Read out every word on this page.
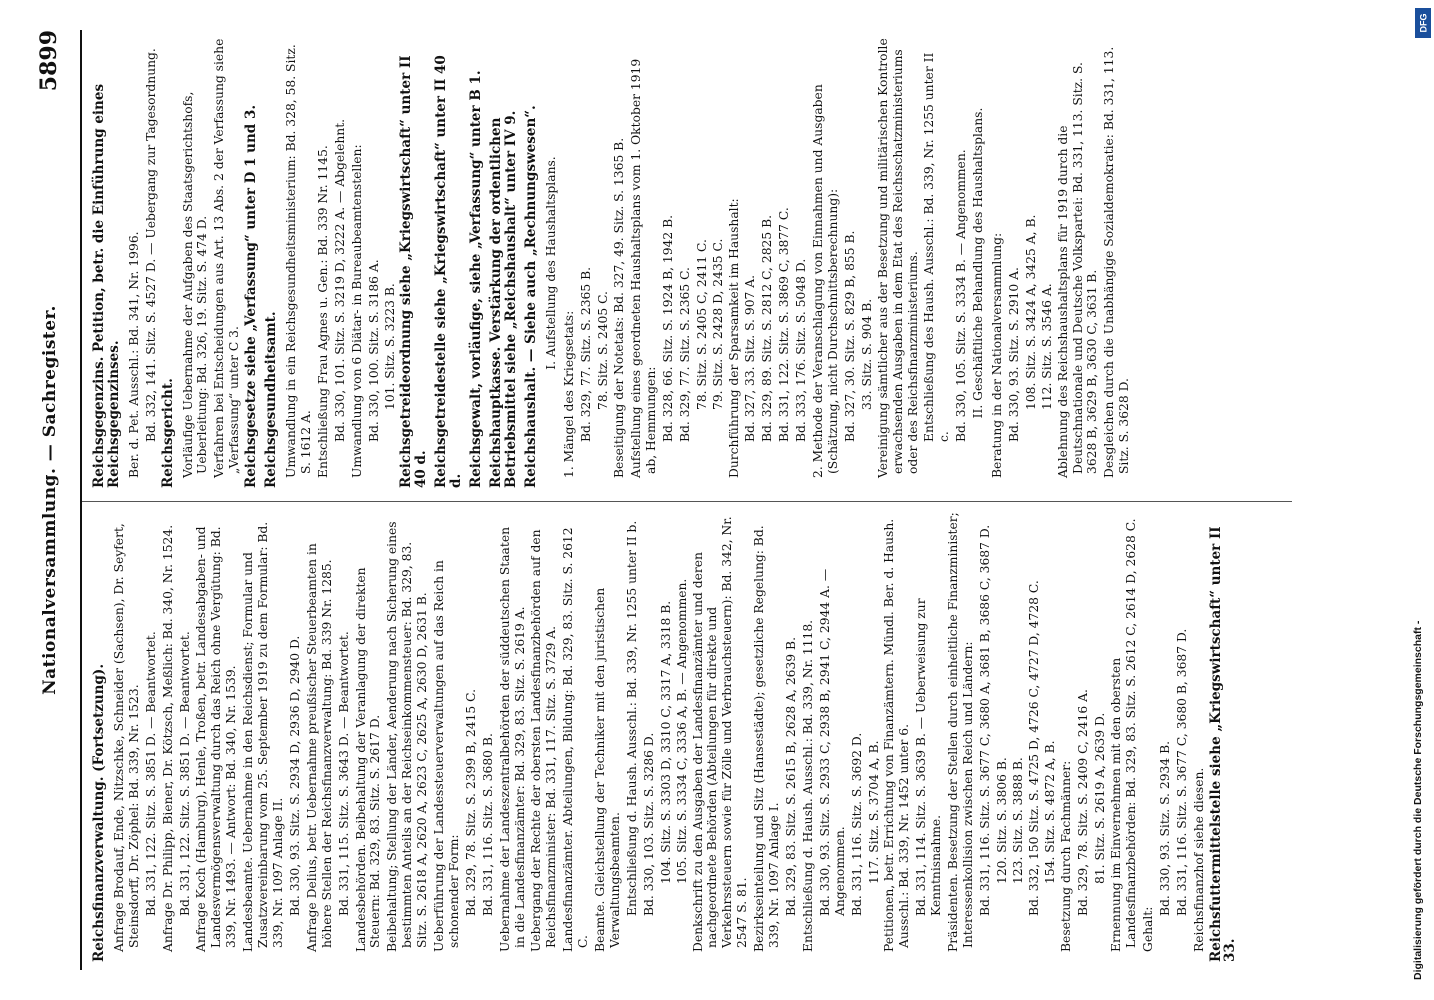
Nationalversammlung. — Sachregister.
5899
Reichsfinanzverwaltung. (Fortsetzung). Anfrage Brodauf, Ende, Nitzschke, Schneider (Sachsen), Dr. Seyfert, Steinsdorff, Dr. Zöphel: Bd. 339, Nr. 1523. Bd. 331, 122. Sitz. S. 3851 D. — Beantwortet. Anfrage Dr. Philipp, Biener, Dr. Kötzsch, Meßlich: Bd. 340, Nr. 1524. Bd. 331, 122. Sitz. S. 3851 D. — Beantwortet. Anfrage Koch (Hamburg), Henle, Troßen, betr. Landesabgaben- und Landesvermögensverwaltung durch das Reich ohne Vergütung: Bd. 339, Nr. 1493. — Antwort: Bd. 340, Nr. 1539. Landesbeamte. Uebernahme in den Reichsdienst; Formular und Zusatzvereinbarung vom 25. September 1919 zu dem Formular: Bd. 339, Nr. 1097 Anlage II. Bd. 330, 93. Sitz. S. 2934 D, 2936 D, 2940 D. Anfrage Delius, betr. Uebernahme preußischer Steuerbeamten in höhere Stellen der Reichsfinanzverwaltung: Bd. 339 Nr. 1285. Bd. 331, 115. Sitz. S. 3643 D. — Beantwortet. Landesbehörden. Beibehaltung der Veranlagung der direkten Steuern: Bd. 329, 83. Sitz. S. 2617 D. Beibehaltung; Stellung der Länder, Aenderung nach Sicherung eines bestimmten Anteils an der Reichseinkommensteuer: Bd. 329, 83. Sitz. S. 2618 A, 2620 A, 2623 C, 2625 A, 2630 D, 2631 B. Ueberführung der Landessteuerverwaltungen auf das Reich in schonender Form: Bd. 329, 78. Sitz. S. 2399 B, 2415 C. Bd. 331, 116. Sitz. S. 3680 B. Uebernahme der Landeszentralbehörden der süddeutschen Staaten in die Landesfinanzämter: Bd. 329, 83. Sitz. S. 2619 A. Uebergang der Rechte der obersten Landesfinanzbehörden auf den Reichsfinanzminister: Bd. 331, 117. Sitz. S. 3729 A. Landesfinanzämter. Abteilungen, Bildung: Bd. 329, 83. Sitz. S. 2612 C. Beamte. Gleichstellung der Techniker mit den juristischen Verwaltungsbeamten. Entschließung d. Haush. Ausschl.: Bd. 339, Nr. 1255 unter II b. Bd. 330, 103. Sitz. S. 3286 D. 104. Sitz. S. 3303 D, 3310 C, 3317 A, 3318 B. 105. Sitz. S. 3334 C, 3336 A, B. — Angenommen. Denkschrift zu den Ausgaben der Landesfinanzämter und deren nachgeordnete Behörden (Abteilungen für direkte und Verkehrssteuern sowie für Zölle und Verbrauchsteuern): Bd. 342, Nr. 2547 S. 81. Bezirkseinteilung und Sitz (Hansestädte); gesetzliche Regelung: Bd. 339, Nr. 1097 Anlage I. Bd. 329, 83. Sitz. S. 2615 B, 2628 A, 2639 B. Entschließung d. Haush. Ausschl.: Bd. 339, Nr. 1118. Bd. 330, 93. Sitz. S. 2933 C, 2938 B, 2941 C, 2944 A. — Angenommen. Bd. 331, 116. Sitz. S. 3692 D. 117. Sitz. S. 3704 A, B. Petitionen, betr. Errichtung von Finanzämtern. Mündl. Ber. d. Haush. Ausschl.: Bd. 339, Nr. 1452 unter 6. Bd. 331, 114. Sitz. S. 3639 B. — Ueberweisung zur Kenntnisnahme. Präsidenten. Besetzung der Stellen durch einheitliche Finanzminister; Interessenkollision zwischen Reich und Ländern: Bd. 331, 116. Sitz. S. 3677 C, 3680 A, 3681 B, 3686 C, 3687 D. 120. Sitz. S. 3806 B. 123. Sitz. S. 3888 B. Bd. 332, 150 Sitz. S. 4725 D, 4726 C, 4727 D, 4728 C. 154. Sitz. S. 4872 A, B. Besetzung durch Fachmänner: Bd. 329, 78. Sitz. S. 2409 C, 2416 A. 81. Sitz. S. 2619 A, 2639 D. Ernennung im Einvernehmen mit den obersten Landesfinanzbehörden: Bd. 329, 83. Sitz. S. 2612 C, 2614 D, 2628 C. Gehalt:
Bd. 330, 93. Sitz. S. 2934 B. Bd. 331, 116. Sitz. S. 3677 C, 3680 B, 3687 D. Reichsfinanzhof siehe diesen. Reichsfuttermittelstelle siehe „Kriegswirtschaft“ unter II 33.
Reichsgegenzins. Petition, betr. die Einführung eines Reichsgegenzinses. Ber. d. Pet. Ausschl.: Bd. 341, Nr. 1996. Bd. 332, 141. Sitz. S. 4527 D. — Uebergang zur Tagesordnung. Reichsgericht. Vorläufige Uebernahme der Aufgaben des Staatsgerichtshofs, Ueberleitung: Bd. 326, 19. Sitz. S. 474 D. Verfahren bei Entscheidungen aus Art. 13 Abs. 2 der Verfassung siehe „Verfassung“ unter C 3. Reichsgesetze siehe „Verfassung“ unter D 1 und 3. Reichsgesundheitsamt. Umwandlung in ein Reichsgesundheitsministerium: Bd. 328, 58. Sitz. S. 1612 A. Entschließung Frau Agnes u. Gen.: Bd. 339 Nr. 1145. Bd. 330, 101. Sitz. S. 3219 D, 3222 A. — Abgelehnt. Umwandlung von 6 Diätar- in Bureaubeamtenstellen: Bd. 330, 100. Sitz. S. 3186 A. 101. Sitz. S. 3223 B. Reichsgetreideordnung siehe „Kriegswirtschaft“ unter II 40 d. Reichsgetreidestelle siehe „Kriegswirtschaft“ unter II 40 d. Reichsgewalt, vorläufige, siehe „Verfassung“ unter B 1. Reichshauptkasse. Verstärkung der ordentlichen Betriebsmittel siehe „Reichshaushalt“ unter IV 9. Reichshaushalt. — Siehe auch „Rechnungswesen“. I. Aufstellung des Haushaltsplans.
1. Mängel des Kriegsetats: Bd. 329, 77. Sitz. S. 2365 B. 78. Sitz. S. 2405 C. Beseitigung der Notetats: Bd. 327, 49. Sitz. S. 1365 B. Aufstellung eines geordneten Haushaltsplans vom 1. Oktober 1919 ab, Hemmungen: Bd. 328, 66. Sitz. S. 1924 B, 1942 B. Bd. 329, 77. Sitz. S. 2365 C. 78. Sitz. S. 2405 C, 2411 C. 79. Sitz. S. 2428 D, 2435 C. Durchführung der Sparsamkeit im Haushalt: Bd. 327, 33. Sitz. S. 907 A. Bd. 329, 89. Sitz. S. 2812 C, 2825 B. Bd. 331, 122. Sitz. S. 3869 C, 3877 C. Bd. 333, 176. Sitz. S. 5048 D. 2. Methode der Veranschlagung von Einnahmen und Ausgaben (Schätzung, nicht Durchschnittsberechnung): Bd. 327, 30. Sitz. S. 829 B, 855 B. 33. Sitz. S. 904 B. Vereinigung sämtlicher aus der Besetzung und militärischen Kontrolle erwachsenden Ausgaben in dem Etat des Reichsschatzministeriums oder des Reichsfinanzministeriums. Entschließung des Haush. Ausschl.: Bd. 339, Nr. 1255 unter II c. Bd. 330, 105. Sitz. S. 3334 B. — Angenommen. II. Geschäftliche Behandlung des Haushaltsplans. Beratung in der Nationalversammlung: Bd. 330, 93. Sitz. S. 2910 A. 108. Sitz. S. 3424 A, 3425 A, B. 112. Sitz. S. 3546 A. Ablehnung des Reichshaushaltsplans für 1919 durch die Deutschnationale und Deutsche Volkspartei: Bd. 331, 113. Sitz. S. 3628 B, 3629 B, 3630 C, 3631 B. Desgleichen durch die Unabhängige Sozialdemokratie: Bd. 331, 113. Sitz. S. 3628 D.
Digitalisierung gefördert durch die Deutsche Forschungsgemeinschaft -
DFG
